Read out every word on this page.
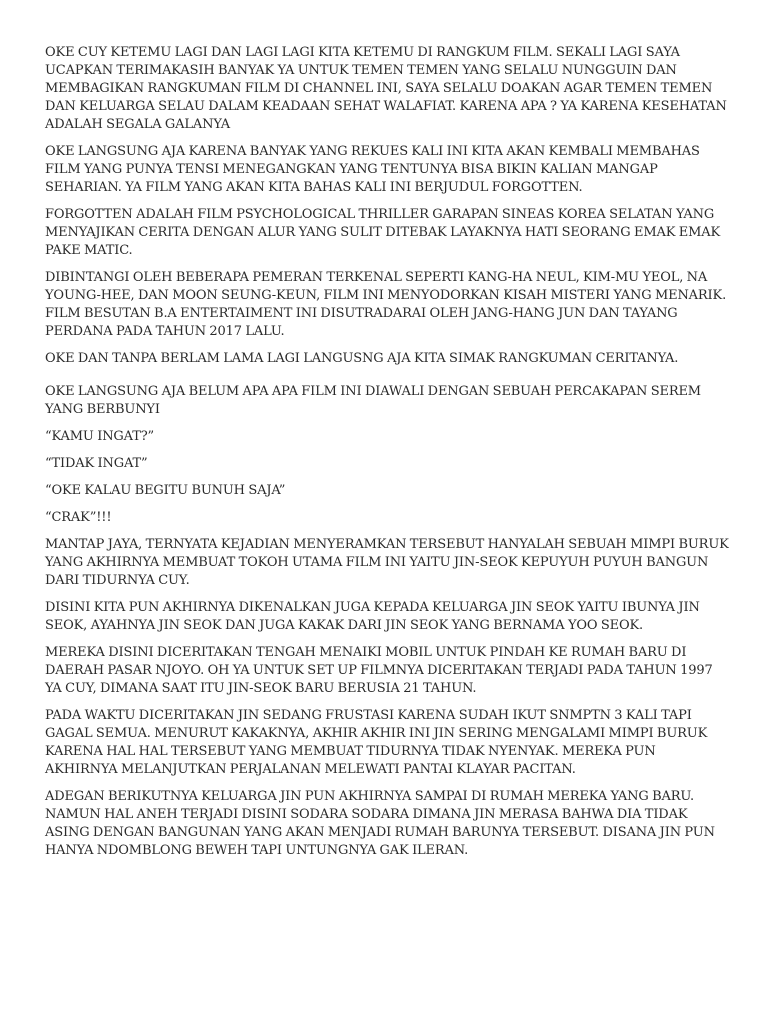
OKE CUY KETEMU LAGI DAN LAGI LAGI KITA KETEMU DI RANGKUM FILM. SEKALI LAGI SAYA UCAPKAN TERIMAKASIH BANYAK YA UNTUK TEMEN TEMEN YANG SELALU NUNGGUIN DAN MEMBAGIKAN RANGKUMAN FILM DI CHANNEL INI, SAYA SELALU DOAKAN AGAR TEMEN TEMEN DAN KELUARGA SELAU DALAM KEADAAN SEHAT WALAFIAT. KARENA APA ? YA KARENA KESEHATAN ADALAH SEGALA GALANYA

OKE LANGSUNG AJA KARENA BANYAK YANG REKUES KALI INI KITA AKAN KEMBALI MEMBAHAS FILM YANG PUNYA TENSI MENEGANGKAN YANG TENTUNYA BISA BIKIN KALIAN MANGAP SEHARIAN. YA FILM YANG AKAN KITA BAHAS KALI INI BERJUDUL FORGOTTEN.

FORGOTTEN ADALAH FILM PSYCHOLOGICAL THRILLER GARAPAN SINEAS KOREA SELATAN YANG MENYAJIKAN CERITA DENGAN ALUR YANG SULIT DITEBAK LAYAKNYA HATI SEORANG EMAK EMAK PAKE MATIC.

DIBINTANGI OLEH BEBERAPA PEMERAN TERKENAL SEPERTI KANG-HA NEUL, KIM-MU YEOL, NA YOUNG-HEE, DAN MOON SEUNG-KEUN, FILM INI MENYODORKAN KISAH MISTERI YANG MENARIK. FILM BESUTAN B.A ENTERTAIMENT INI DISUTRADARAI OLEH JANG-HANG JUN DAN TAYANG PERDANA PADA TAHUN 2017 LALU.

OKE DAN TANPA BERLAM LAMA LAGI LANGUSNG AJA KITA SIMAK RANGKUMAN CERITANYA.

OKE LANGSUNG AJA BELUM APA APA FILM INI DIAWALI DENGAN SEBUAH PERCAKAPAN SEREM YANG BERBUNYI

“KAMU INGAT?”

“TIDAK INGAT”

“OKE KALAU BEGITU BUNUH SAJA”

“CRAK”!!!

MANTAP JAYA, TERNYATA KEJADIAN MENYERAMKAN TERSEBUT HANYALAH SEBUAH MIMPI BURUK YANG AKHIRNYA MEMBUAT TOKOH UTAMA FILM INI YAITU JIN-SEOK KEPUYUH PUYUH BANGUN DARI TIDURNYA CUY.

DISINI KITA PUN AKHIRNYA DIKENALKAN JUGA KEPADA KELUARGA JIN SEOK YAITU IBUNYA JIN SEOK, AYAHNYA JIN SEOK DAN JUGA KAKAK DARI JIN SEOK YANG BERNAMA YOO SEOK.

MEREKA DISINI DICERITAKAN TENGAH MENAIKI MOBIL UNTUK PINDAH KE RUMAH BARU DI DAERAH PASAR NJOYO. OH YA UNTUK SET UP FILMNYA DICERITAKAN TERJADI PADA TAHUN 1997 YA CUY, DIMANA SAAT ITU JIN-SEOK BARU BERUSIA 21 TAHUN.

PADA WAKTU DICERITAKAN JIN SEDANG FRUSTASI KARENA SUDAH IKUT SNMPTN 3 KALI TAPI GAGAL SEMUA. MENURUT KAKAKNYA, AKHIR AKHIR INI JIN SERING MENGALAMI MIMPI BURUK KARENA HAL HAL TERSEBUT YANG MEMBUAT TIDURNYA TIDAK NYENYAK. MEREKA PUN AKHIRNYA MELANJUTKAN PERJALANAN MELEWATI PANTAI KLAYAR PACITAN.

ADEGAN BERIKUTNYA KELUARGA JIN PUN AKHIRNYA SAMPAI DI RUMAH MEREKA YANG BARU. NAMUN HAL ANEH TERJADI DISINI SODARA SODARA DIMANA JIN MERASA BAHWA DIA TIDAK ASING DENGAN BANGUNAN YANG AKAN MENJADI RUMAH BARUNYA TERSEBUT. DISANA JIN PUN HANYA NDOMBLONG BEWEH TAPI UNTUNGNYA GAK ILERAN.
